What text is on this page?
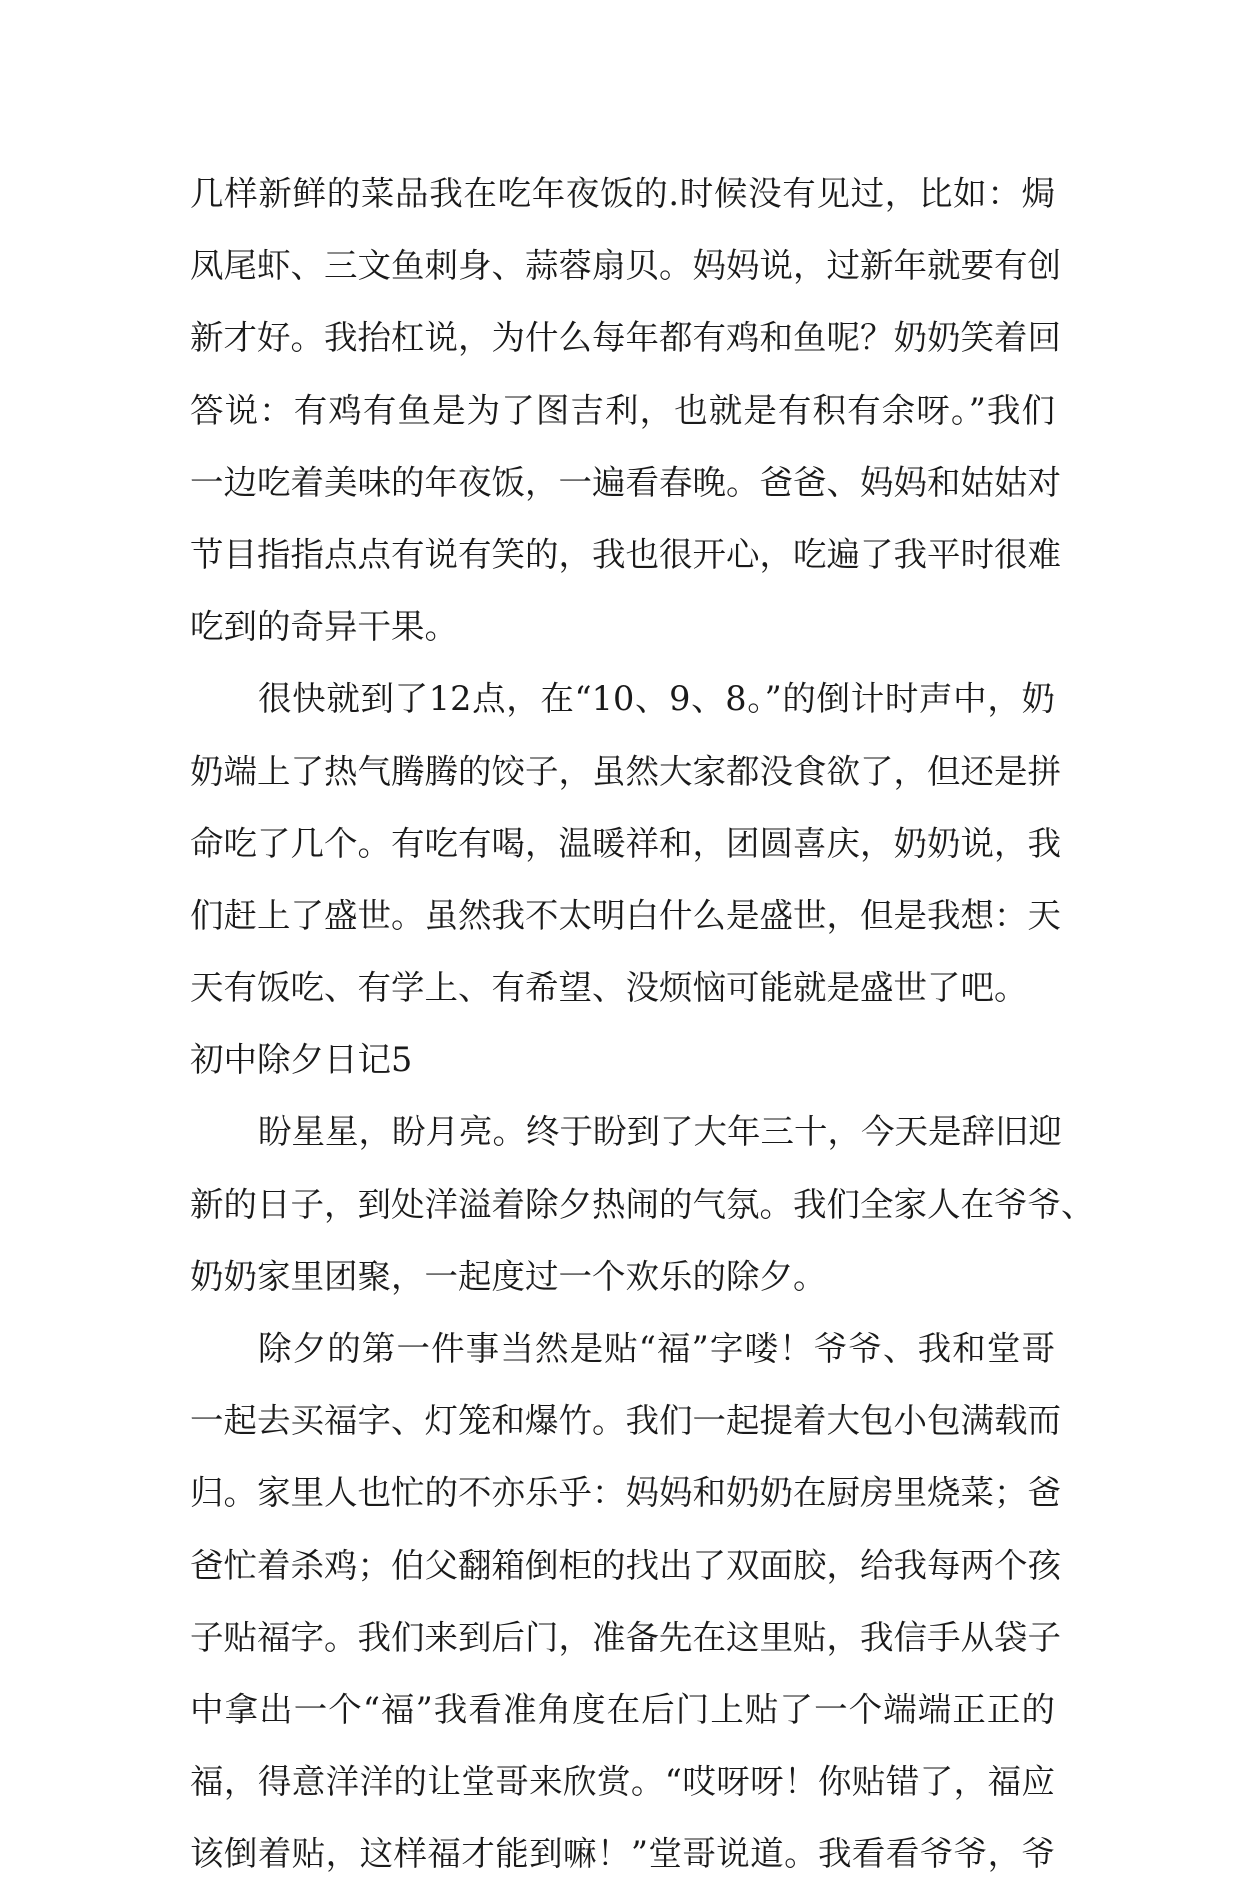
几样新鲜的菜品我在吃年夜饭的.时候没有见过，比如：焗
凤尾虾、三文鱼刺身、蒜蓉扇贝。妈妈说，过新年就要有创
新才好。我抬杠说，为什么每年都有鸡和鱼呢？奶奶笑着回
答说：有鸡有鱼是为了图吉利，也就是有积有余呀。”我们
一边吃着美味的年夜饭，一遍看春晚。爸爸、妈妈和姑姑对
节目指指点点有说有笑的，我也很开心，吃遍了我平时很难
吃到的奇异干果。
很快就到了12点，在“10、9、8。”的倒计时声中，奶
奶端上了热气腾腾的饺子，虽然大家都没食欲了，但还是拼
命吃了几个。有吃有喝，温暖祥和，团圆喜庆，奶奶说，我
们赶上了盛世。虽然我不太明白什么是盛世，但是我想：天
天有饭吃、有学上、有希望、没烦恼可能就是盛世了吧。
初中除夕日记5
盼星星，盼月亮。终于盼到了大年三十，今天是辞旧迎
新的日子，到处洋溢着除夕热闹的气氛。我们全家人在爷爷、
奶奶家里团聚，一起度过一个欢乐的除夕。
除夕的第一件事当然是贴“福”字喽！爷爷、我和堂哥
一起去买福字、灯笼和爆竹。我们一起提着大包小包满载而
归。家里人也忙的不亦乐乎：妈妈和奶奶在厨房里烧菜；爸
爸忙着杀鸡；伯父翻箱倒柜的找出了双面胶，给我每两个孩
子贴福字。我们来到后门，准备先在这里贴，我信手从袋子
中拿出一个“福”我看准角度在后门上贴了一个端端正正的
福，得意洋洋的让堂哥来欣赏。“哎呀呀！你贴错了，福应
该倒着贴，这样福才能到嘛！”堂哥说道。我看看爷爷，爷
